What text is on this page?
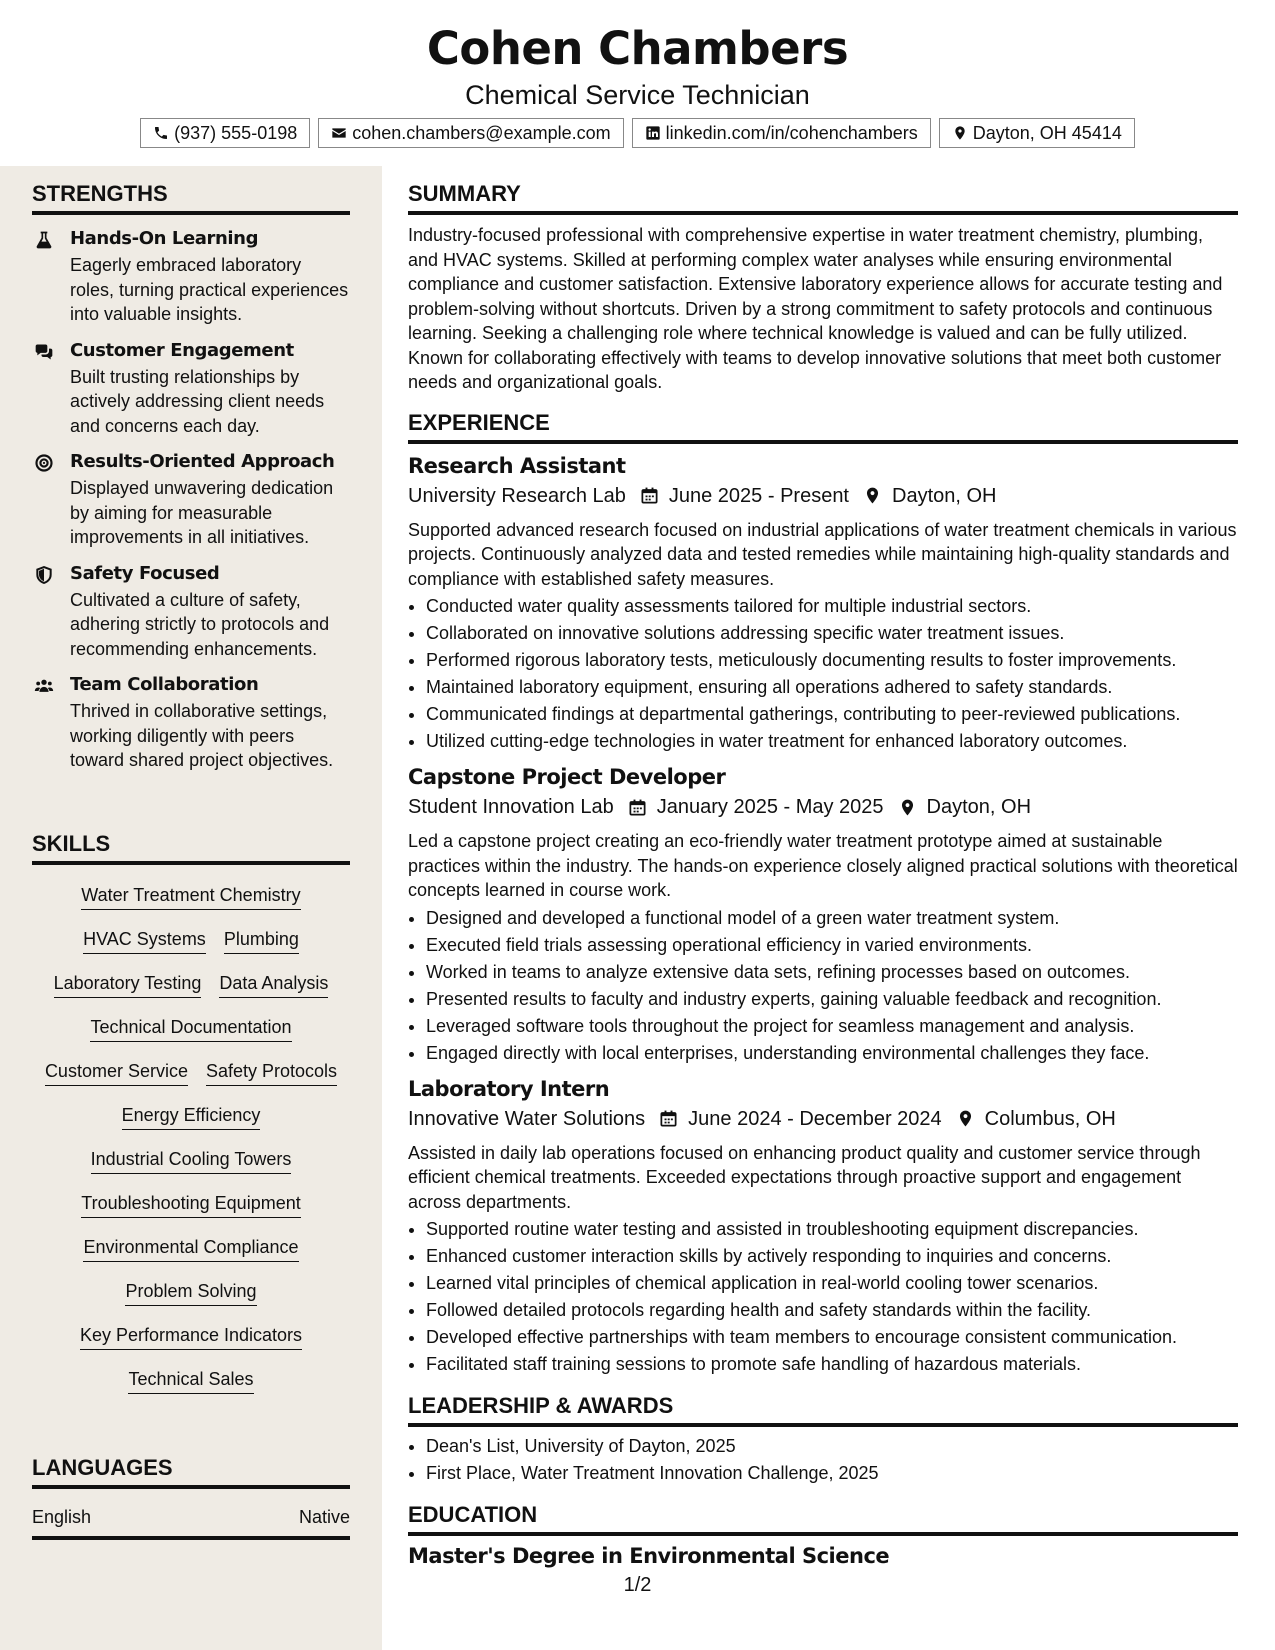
Cohen Chambers
Chemical Service Technician
(937) 555-0198	cohen.chambers@example.com	linkedin.com/in/cohenchambers	Dayton, OH 45414
STRENGTHS
Hands-On Learning
Eagerly embraced laboratory roles, turning practical experiences into valuable insights.
Customer Engagement
Built trusting relationships by actively addressing client needs and concerns each day.
Results-Oriented Approach
Displayed unwavering dedication by aiming for measurable improvements in all initiatives.
Safety Focused
Cultivated a culture of safety, adhering strictly to protocols and recommending enhancements.
Team Collaboration
Thrived in collaborative settings, working diligently with peers toward shared project objectives.
SKILLS
Water Treatment Chemistry
HVAC Systems Plumbing
Laboratory Testing Data Analysis
Technical Documentation
Customer Service Safety Protocols
Energy Efficiency
Industrial Cooling Towers
Troubleshooting Equipment
Environmental Compliance
Problem Solving
Key Performance Indicators
Technical Sales
LANGUAGES
English	Native
SUMMARY
Industry-focused professional with comprehensive expertise in water treatment chemistry, plumbing, and HVAC systems. Skilled at performing complex water analyses while ensuring environmental compliance and customer satisfaction. Extensive laboratory experience allows for accurate testing and problem-solving without shortcuts. Driven by a strong commitment to safety protocols and continuous learning. Seeking a challenging role where technical knowledge is valued and can be fully utilized. Known for collaborating effectively with teams to develop innovative solutions that meet both customer needs and organizational goals.
EXPERIENCE
Research Assistant
University Research Lab June 2025 - Present Dayton, OH
Supported advanced research focused on industrial applications of water treatment chemicals in various projects. Continuously analyzed data and tested remedies while maintaining high-quality standards and compliance with established safety measures.
• Conducted water quality assessments tailored for multiple industrial sectors.
• Collaborated on innovative solutions addressing specific water treatment issues.
• Performed rigorous laboratory tests, meticulously documenting results to foster improvements.
• Maintained laboratory equipment, ensuring all operations adhered to safety standards.
• Communicated findings at departmental gatherings, contributing to peer-reviewed publications.
• Utilized cutting-edge technologies in water treatment for enhanced laboratory outcomes.
Capstone Project Developer
Student Innovation Lab January 2025 - May 2025 Dayton, OH
Led a capstone project creating an eco-friendly water treatment prototype aimed at sustainable practices within the industry. The hands-on experience closely aligned practical solutions with theoretical concepts learned in course work.
• Designed and developed a functional model of a green water treatment system.
• Executed field trials assessing operational efficiency in varied environments.
• Worked in teams to analyze extensive data sets, refining processes based on outcomes.
• Presented results to faculty and industry experts, gaining valuable feedback and recognition.
• Leveraged software tools throughout the project for seamless management and analysis.
• Engaged directly with local enterprises, understanding environmental challenges they face.
Laboratory Intern
Innovative Water Solutions June 2024 - December 2024 Columbus, OH
Assisted in daily lab operations focused on enhancing product quality and customer service through efficient chemical treatments. Exceeded expectations through proactive support and engagement across departments.
• Supported routine water testing and assisted in troubleshooting equipment discrepancies.
• Enhanced customer interaction skills by actively responding to inquiries and concerns.
• Learned vital principles of chemical application in real-world cooling tower scenarios.
• Followed detailed protocols regarding health and safety standards within the facility.
• Developed effective partnerships with team members to encourage consistent communication.
• Facilitated staff training sessions to promote safe handling of hazardous materials.
LEADERSHIP & AWARDS
• Dean's List, University of Dayton, 2025
• First Place, Water Treatment Innovation Challenge, 2025
EDUCATION
Master's Degree in Environmental Science
1/2
